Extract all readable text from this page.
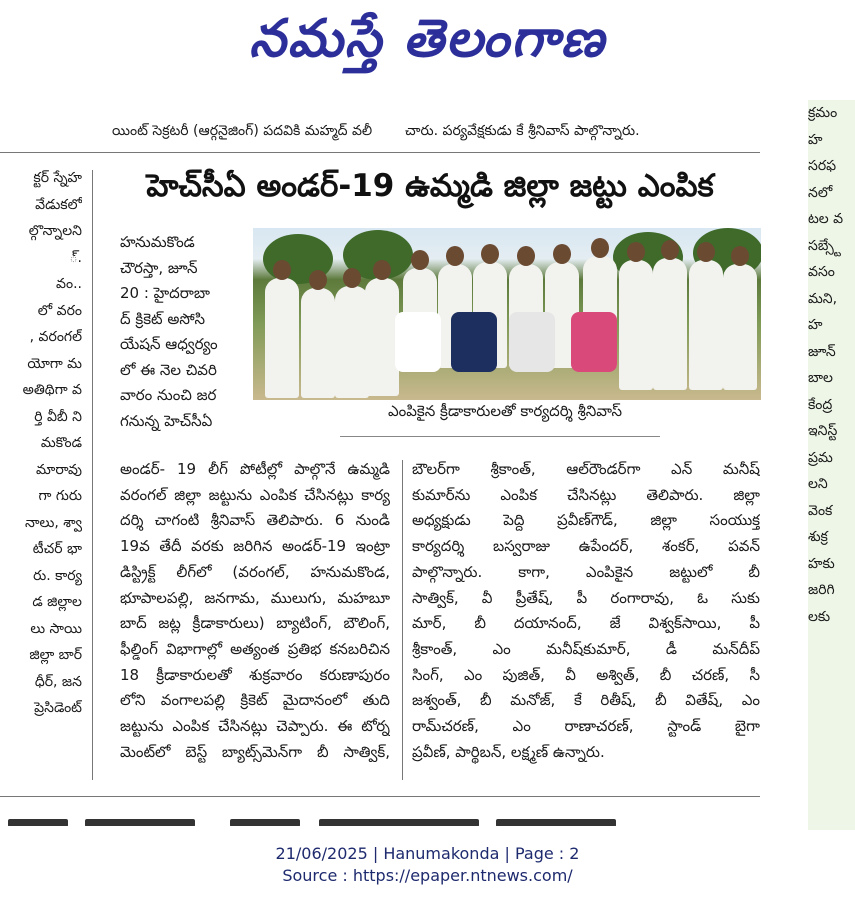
నమస్తే తెలంగాణ
యింట్ సెక్రటరీ (ఆర్గనైజింగ్) పదవికి మహ్మద్ వలీ	చారు. పర్యవేక్షకుడు కే శ్రీనివాస్ పాల్గొన్నారు.
క్టర్ స్నేహ
వేడుకలో
ల్గొన్నాలని
్.
వం..
లో వరం
, వరంగల్
యోగా మ
అతిథిగా వ
ర్తి వీబీ ని
మకొండ
మారావు
గా గురు
నాలు, శ్వా
టీచర్ భా
రు. కార్య
డ జిల్లాల
లు సాయి
జిల్లా బార్
ధీర్, జన
ప్రెసిడెంట్
హెచ్‌సీఏ అండర్-19 ఉమ్మడి జిల్లా జట్టు ఎంపిక
హనుమకొండ
చౌరస్తా, జూన్
20 : హైదరాబా
ద్ క్రికెట్ అసోసి
యేషన్ ఆధ్వర్యం
లో ఈ నెల చివరి
వారం నుంచి జర
గనున్న హెచ్‌సీఏ
ఎంపికైన క్రీడాకారులతో కార్యదర్శి శ్రీనివాస్
అండర్- 19 లీగ్ పోటీల్లో పాల్గొనే ఉమ్మడి
వరంగల్ జిల్లా జట్టును ఎంపిక చేసినట్లు కార్య
దర్శి చాగంటి శ్రీనివాస్ తెలిపారు. 6 నుండి
19వ తేదీ వరకు జరిగిన అండర్-19 ఇంట్రా
డిస్ట్రిక్ట్ లీగ్‌లో (వరంగల్, హనుమకొండ,
భూపాలపల్లి, జనగామ, ములుగు, మహబూ
బాద్ జట్ల క్రీడాకారులు) బ్యాటింగ్, బౌలింగ్,
ఫీల్డింగ్ విభాగాల్లో అత్యంత ప్రతిభ కనబరిచిన
18 క్రీడాకారులతో శుక్రవారం కరుణాపురం
లోని వంగాలపల్లి క్రికెట్ మైదానంలో తుది
జట్టును ఎంపిక చేసినట్లు చెప్పారు. ఈ టోర్న
మెంట్‌లో బెస్ట్ బ్యాట్స్‌మెన్‌గా బీ సాత్విక్,
బౌలర్‌గా శ్రీకాంత్, ఆల్‌రౌండర్‌గా ఎన్ మనీష్
కుమార్‌ను ఎంపిక చేసినట్లు తెలిపారు. జిల్లా
అధ్యక్షుడు పెద్ది ప్రవీణ్‌గౌడ్, జిల్లా సంయుక్త
కార్యదర్శి బస్వరాజు ఉపేందర్, శంకర్, పవన్
పాల్గొన్నారు. కాగా, ఎంపికైన జట్టులో బీ
సాత్విక్, వీ ప్రీతేష్, పీ రంగారావు, ఓ సుకు
మార్, బీ దయానంద్, జే విశ్వక్‌సాయి, పీ
శ్రీకాంత్, ఎం మనీష్‌కుమార్, డీ మన్‌దీప్
సింగ్, ఎం పుజిత్, వీ అశ్విత్, బీ చరణ్, సీ
జశ్వంత్, బీ మనోజ్, కే రితీష్, బీ వితేష్, ఎం
రామ్‌చరణ్, ఎం రాణాచరణ్, స్టాండ్ బైగా
ప్రవీణ్, పార్థిబన్, లక్ష్మణ్ ఉన్నారు.
క్రమం
హ
సరఫ
నలో
టల వ
సబ్స్టే
వసం
మని,
హ
జూన్
బాల
కేంద్ర
ఇనిస్ట్
ప్రమ
లని
వెంక
శుక్ర
హకు
జరిగి
లకు

21/06/2025 | Hanumakonda | Page : 2
Source : https://epaper.ntnews.com/
